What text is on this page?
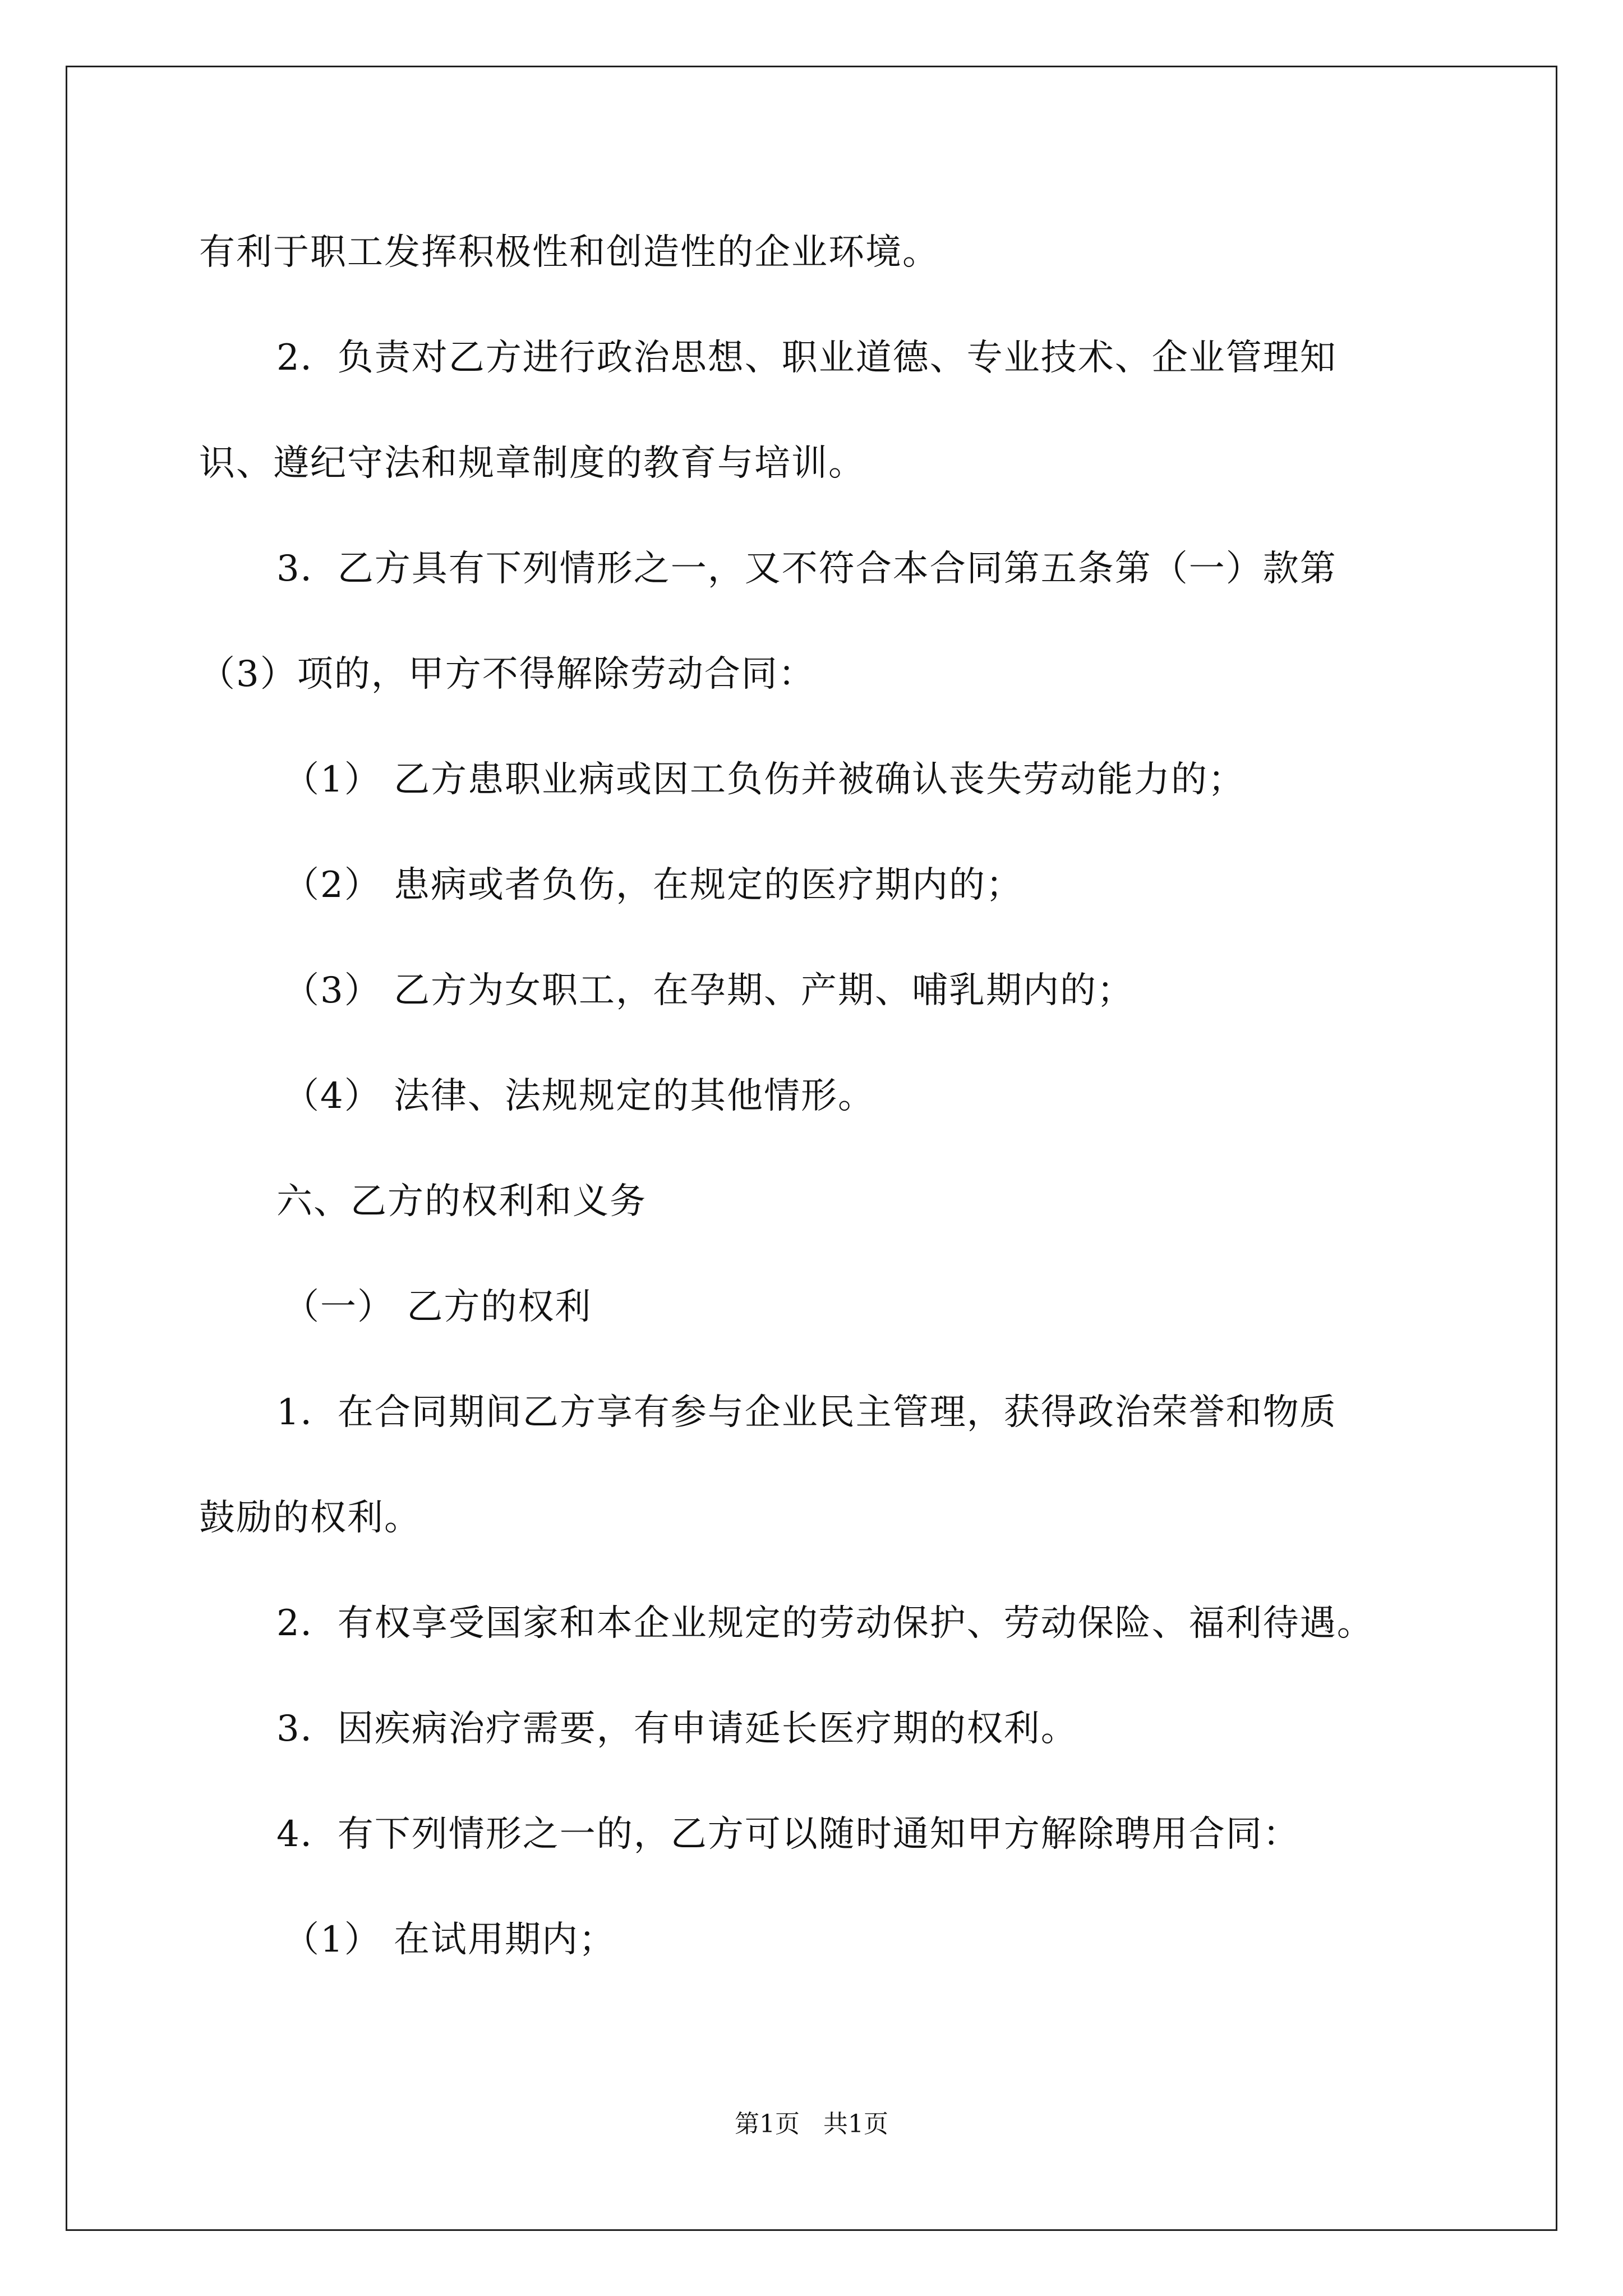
有利于职工发挥积极性和创造性的企业环境。
2．负责对乙方进行政治思想、职业道德、专业技术、企业管理知
识、遵纪守法和规章制度的教育与培训。
3．乙方具有下列情形之一，又不符合本合同第五条第（一）款第
（3）项的，甲方不得解除劳动合同：
（1） 乙方患职业病或因工负伤并被确认丧失劳动能力的；
（2） 患病或者负伤，在规定的医疗期内的；
（3） 乙方为女职工，在孕期、产期、哺乳期内的；
（4） 法律、法规规定的其他情形。
六、乙方的权利和义务
（一） 乙方的权利
1．在合同期间乙方享有参与企业民主管理，获得政治荣誉和物质
鼓励的权利。
2．有权享受国家和本企业规定的劳动保护、劳动保险、福利待遇。
3．因疾病治疗需要，有申请延长医疗期的权利。
4．有下列情形之一的，乙方可以随时通知甲方解除聘用合同：
（1） 在试用期内；
第1页   共1页
